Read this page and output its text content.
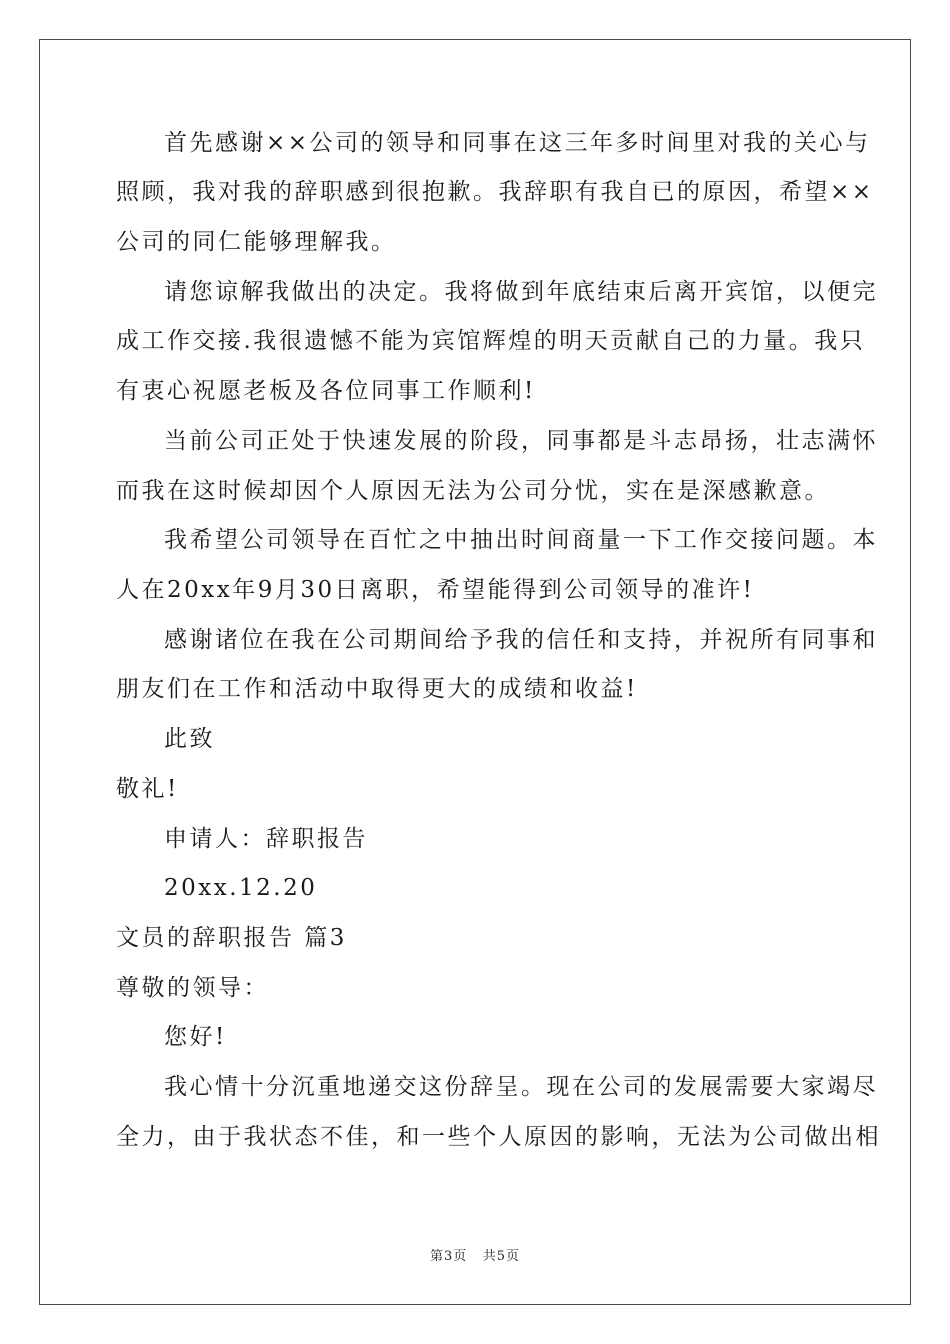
首先感谢××公司的领导和同事在这三年多时间里对我的关心与
照顾，我对我的辞职感到很抱歉。我辞职有我自已的原因，希望××
公司的同仁能够理解我。
请您谅解我做出的决定。我将做到年底结束后离开宾馆，以便完
成工作交接.我很遗憾不能为宾馆辉煌的明天贡献自己的力量。我只
有衷心祝愿老板及各位同事工作顺利!
当前公司正处于快速发展的阶段，同事都是斗志昂扬，壮志满怀
而我在这时候却因个人原因无法为公司分忧，实在是深感歉意。
我希望公司领导在百忙之中抽出时间商量一下工作交接问题。本
人在20xx年9月30日离职，希望能得到公司领导的准许!
感谢诸位在我在公司期间给予我的信任和支持，并祝所有同事和
朋友们在工作和活动中取得更大的成绩和收益!
此致
敬礼!
申请人：辞职报告
20xx.12.20
文员的辞职报告 篇3
尊敬的领导：
您好!
我心情十分沉重地递交这份辞呈。现在公司的发展需要大家竭尽
全力，由于我状态不佳，和一些个人原因的影响，无法为公司做出相
第3页 共5页
